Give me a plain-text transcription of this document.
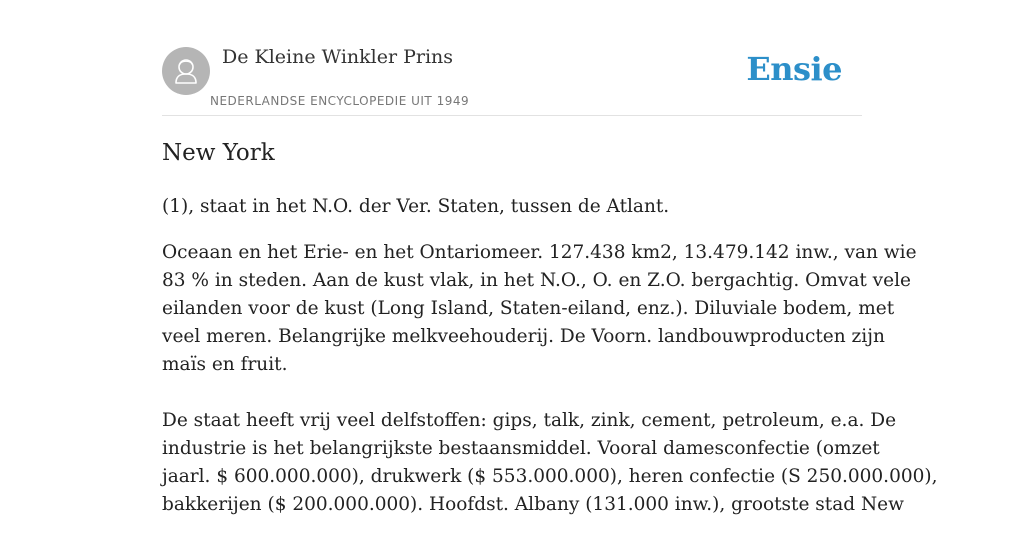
De Kleine Winkler Prins
NEDERLANDSE ENCYCLOPEDIE UIT 1949
Ensie
New York

(1), staat in het N.O. der Ver. Staten, tussen de Atlant.

Oceaan en het Erie- en het Ontariomeer. 127.438 km2, 13.479.142 inw., van wie
83 % in steden. Aan de kust vlak, in het N.O., O. en Z.O. bergachtig. Omvat vele
eilanden voor de kust (Long Island, Staten-eiland, enz.). Diluviale bodem, met
veel meren. Belangrijke melkveehouderij. De Voorn. landbouwproducten zijn
maïs en fruit.

De staat heeft vrij veel delfstoffen: gips, talk, zink, cement, petroleum, e.a. De
industrie is het belangrijkste bestaansmiddel. Vooral damesconfectie (omzet
jaarl. $ 600.000.000), drukwerk ($ 553.000.000), heren confectie (S 250.000.000),
bakkerijen ($ 200.000.000). Hoofdst. Albany (131.000 inw.), grootste stad New
